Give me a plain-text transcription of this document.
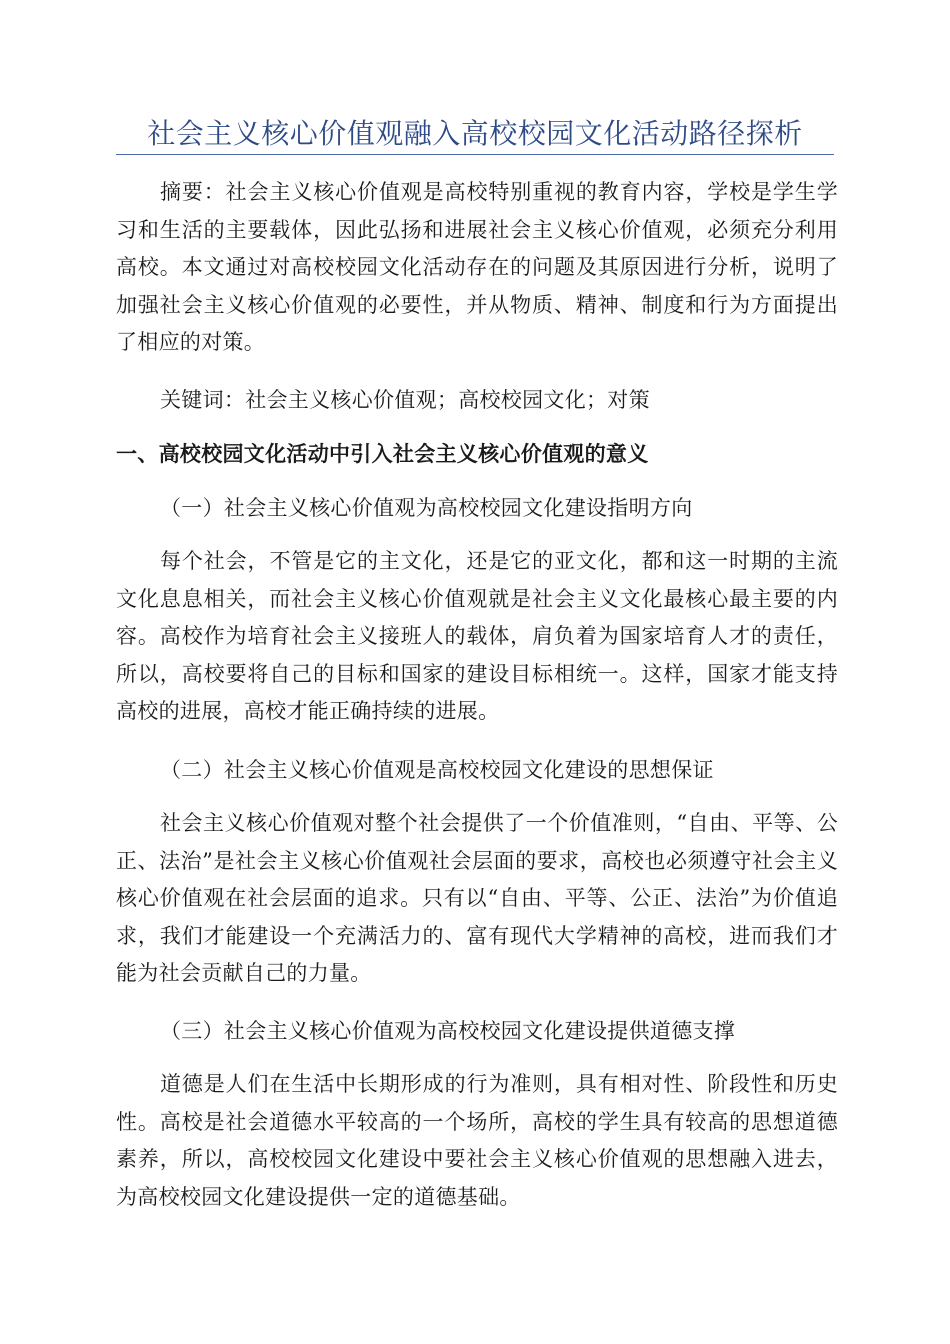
社会主义核心价值观融入高校校园文化活动路径探析
摘要：社会主义核心价值观是高校特别重视的教育内容，学校是学生学习和生活的主要载体，因此弘扬和进展社会主义核心价值观，必须充分利用高校。本文通过对高校校园文化活动存在的问题及其原因进行分析，说明了加强社会主义核心价值观的必要性，并从物质、精神、制度和行为方面提出了相应的对策。
关键词：社会主义核心价值观；高校校园文化；对策
一、高校校园文化活动中引入社会主义核心价值观的意义
（一）社会主义核心价值观为高校校园文化建设指明方向
每个社会，不管是它的主文化，还是它的亚文化，都和这一时期的主流文化息息相关，而社会主义核心价值观就是社会主义文化最核心最主要的内容。高校作为培育社会主义接班人的载体，肩负着为国家培育人才的责任，所以，高校要将自己的目标和国家的建设目标相统一。这样，国家才能支持高校的进展，高校才能正确持续的进展。
（二）社会主义核心价值观是高校校园文化建设的思想保证
社会主义核心价值观对整个社会提供了一个价值准则，“自由、平等、公正、法治”是社会主义核心价值观社会层面的要求，高校也必须遵守社会主义核心价值观在社会层面的追求。只有以“自由、平等、公正、法治”为价值追求，我们才能建设一个充满活力的、富有现代大学精神的高校，进而我们才能为社会贡献自己的力量。
（三）社会主义核心价值观为高校校园文化建设提供道德支撑
道德是人们在生活中长期形成的行为准则，具有相对性、阶段性和历史性。高校是社会道德水平较高的一个场所，高校的学生具有较高的思想道德素养，所以，高校校园文化建设中要社会主义核心价值观的思想融入进去，为高校校园文化建设提供一定的道德基础。
